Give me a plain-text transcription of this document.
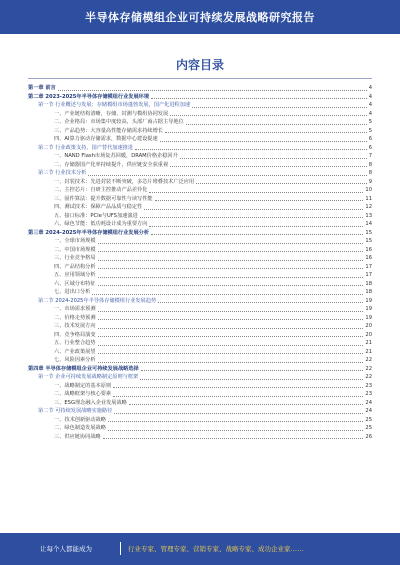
半导体存储模组企业可持续发展战略研究报告
内容目录
第一章 前言	4
第二章 2023-2025年半导体存储模组行业发展环境	4
第一节 行业概述与发展：存储模组市场蓬勃发展，国产化进程加速	4
一、产业链结构清晰，存储、封测与模组协同发展	4
二、企业格局：市场集中度较高，头部厂商占据主导地位	5
三、产品趋势：大容量高性能存储需求持续增长	5
四、AI算力驱动存储需求，数据中心建设提速	6
第二节 行业政策支持，国产替代加速推进	6
一、NAND Flash市场复苏回暖，DRAM价格企稳回升	7
二、存储器国产化率持续提升，供应链安全获重视	8
第三节 行业技术分析	8
一、封装技术：先进封装不断突破，多芯片堆叠技术广泛应用	9
二、主控芯片：自研主控推动产品差异化	10
三、固件算法：提升数据可靠性与读写性能	11
四、测试技术：保障产品品质与稳定性	12
五、接口标准：PCIe与UFS加速演进	13
六、绿色节能：低功耗设计成为重要方向	14
第三章 2024-2025年半导体存储模组行业发展分析	15
一、全球市场规模	15
二、中国市场规模	16
三、行业竞争格局	16
四、产品结构分析	17
五、应用领域分析	17
六、区域分布特征	18
七、进出口分析	18
第二节 2024-2025年半导体存储模组行业发展趋势	19
一、市场需求预测	19
二、价格走势预测	19
三、技术发展方向	20
四、竞争格局演变	20
五、行业整合趋势	21
六、产业政策展望	21
七、风险因素分析	22
第四章 半导体存储模组企业可持续发展战略选择	22
第一节 企业可持续发展战略制定原则与框架	22
一、战略制定的基本原则	23
二、战略框架与核心要素	23
三、ESG理念融入企业发展战略	24
第二节 可持续发展战略实施路径	24
一、技术创新驱动战略	25
二、绿色制造发展战略	25
三、供应链协同战略	26
让每个人都能成为	行业专家、管理专家、营销专家、战略专家、成功企业家……
